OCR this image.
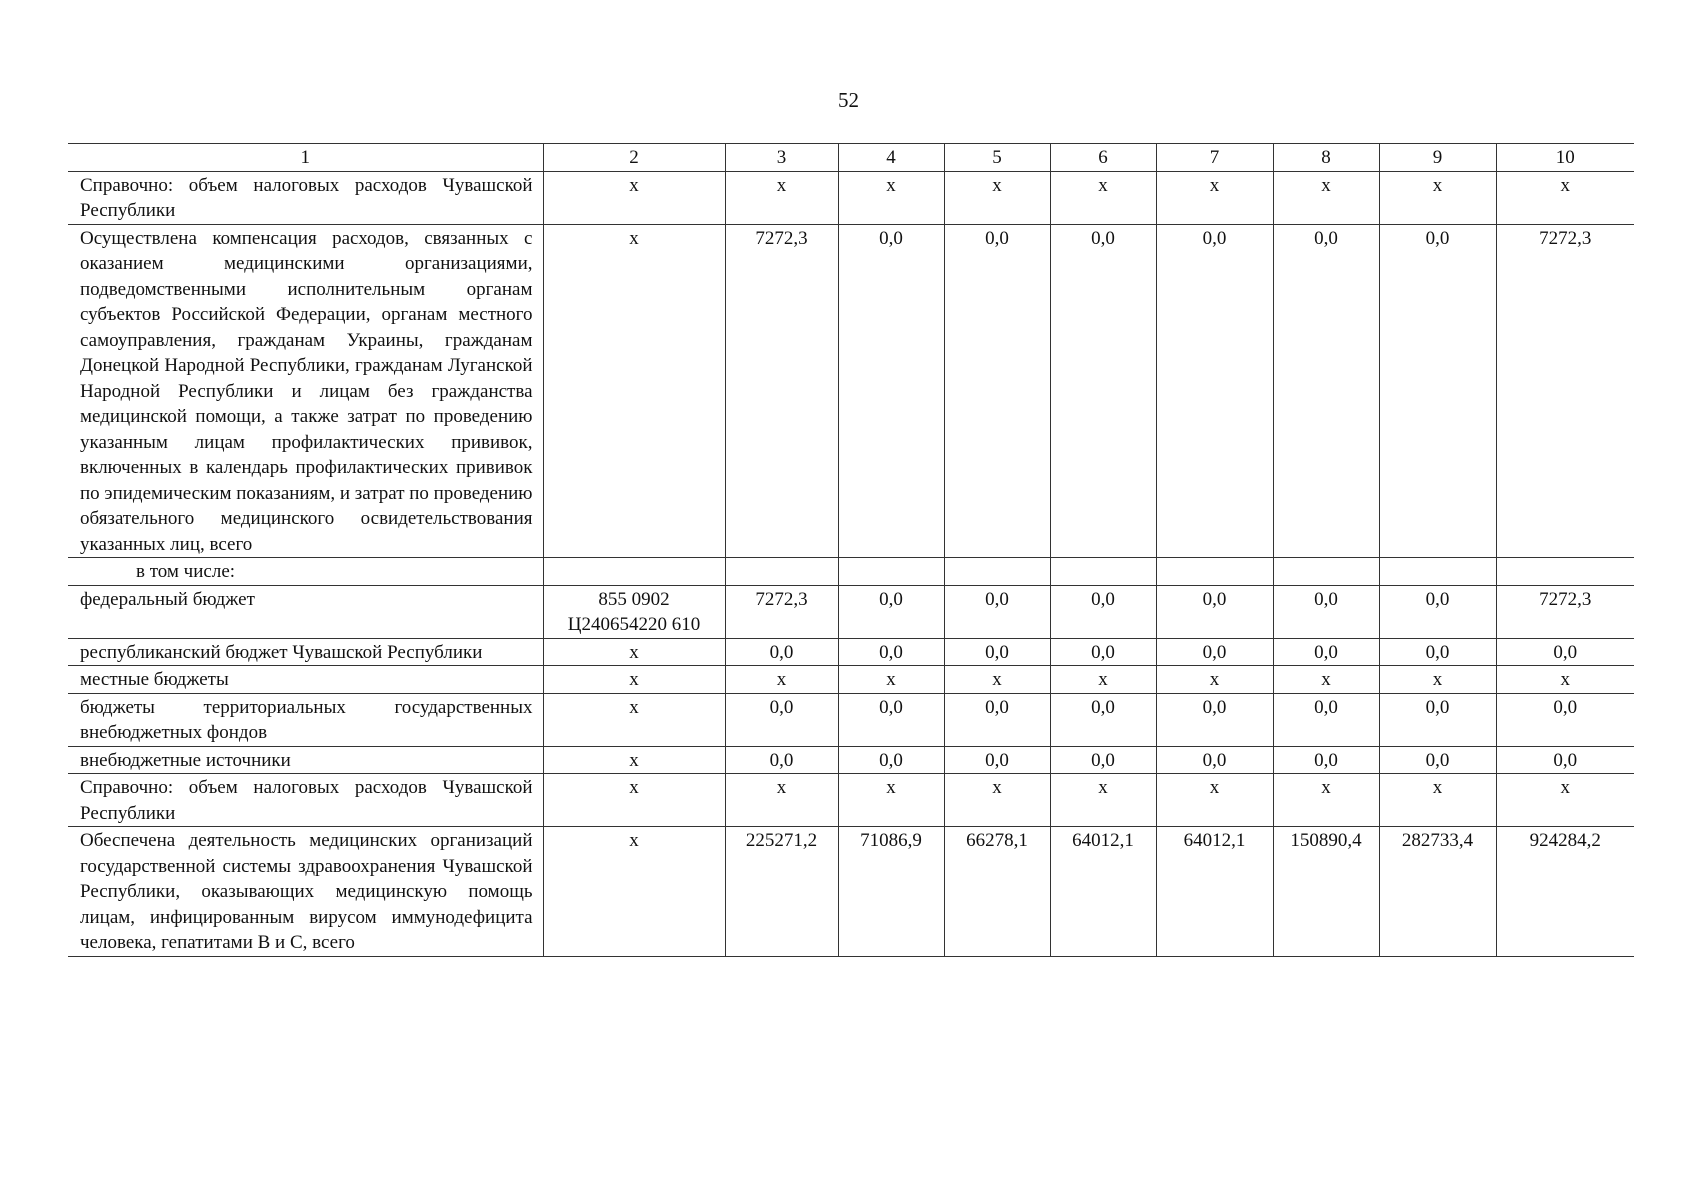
52
1	2	3	4	5	6	7	8	9	10
Справочно: объем налоговых расходов Чувашской Республики	х	х	х	х	х	х	х	х	х
Осуществлена компенсация расходов, связанных с оказанием медицинскими организациями, подведомственными исполнительным органам субъектов Российской Федерации, органам местного самоуправления, гражданам Украины, гражданам Донецкой Народной Республики, гражданам Луганской Народной Республики и лицам без гражданства медицинской помощи, а также затрат по проведению указанным лицам профилактических прививок, включенных в календарь профилактических прививок по эпидемическим показаниям, и затрат по проведению обязательного медицинского освидетельствования указанных лиц, всего	х	7272,3	0,0	0,0	0,0	0,0	0,0	0,0	7272,3
в том числе:									
федеральный бюджет	855 0902 Ц240654220 610	7272,3	0,0	0,0	0,0	0,0	0,0	0,0	7272,3
республиканский бюджет Чувашской Республики	х	0,0	0,0	0,0	0,0	0,0	0,0	0,0	0,0
местные бюджеты	х	х	х	х	х	х	х	х	х
бюджеты территориальных государственных внебюджетных фондов	х	0,0	0,0	0,0	0,0	0,0	0,0	0,0	0,0
внебюджетные источники	х	0,0	0,0	0,0	0,0	0,0	0,0	0,0	0,0
Справочно: объем налоговых расходов Чувашской Республики	х	х	х	х	х	х	х	х	х
Обеспечена деятельность медицинских организаций государственной системы здравоохранения Чувашской Республики, оказывающих медицинскую помощь лицам, инфицированным вирусом иммунодефицита человека, гепатитами В и С, всего	х	225271,2	71086,9	66278,1	64012,1	64012,1	150890,4	282733,4	924284,2
